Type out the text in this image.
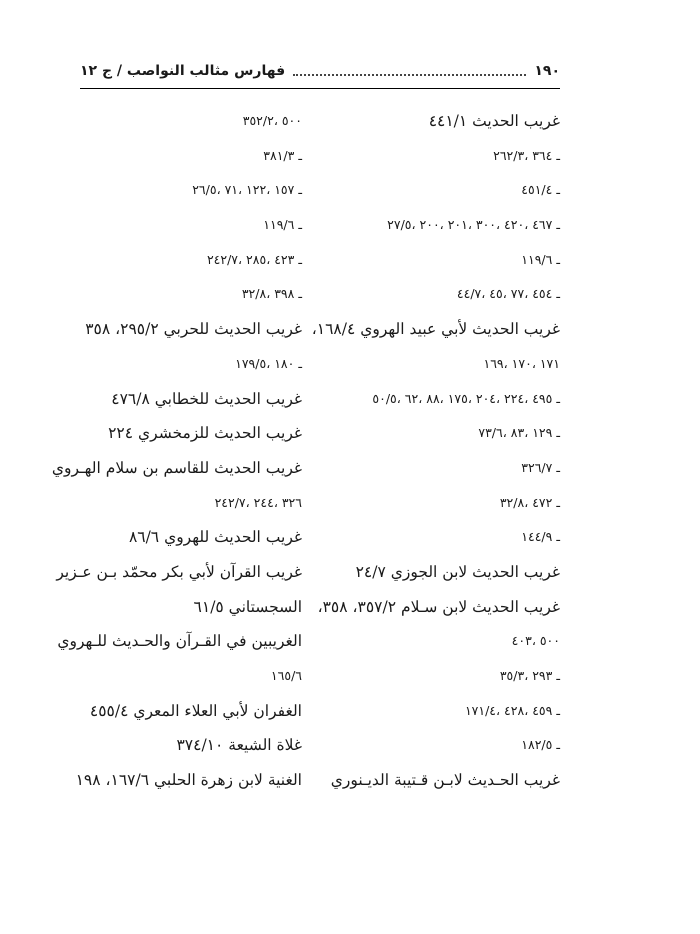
١٩٠
فهارس مثالب النواصب / ج ١٢
غريب الحديث ٤٤١/١
ـ ٣٦٤ ،٢٦٢/٣
ـ ٤٥١/٤
ـ ٤٦٧ ،٤٢٠ ،٣٠٠ ،٢٠١ ،٢٠٠ ،٢٧/٥
ـ ١١٩/٦
ـ ٤٥٤ ،٧٧ ،٤٥ ،٤٤/٧
غريب الحديث لأبي عبيد الهروي ١٦٨/٤،
١٧١ ،١٧٠ ،١٦٩
ـ ٤٩٥ ،٢٢٤ ،٢٠٤ ،١٧٥ ،٨٨ ،٦٢ ،٥٠/٥
ـ ١٢٩ ،٨٣ ،٧٣/٦
ـ ٣٢٦/٧
ـ ٤٧٢ ،٣٢/٨
ـ ١٤٤/٩
غريب الحديث لابن الجوزي ٢٤/٧
غريب الحديث لابن سـلام ٣٥٧/٢، ٣٥٨،
٥٠٠ ،٤٠٣
ـ ٢٩٣ ،٣٥/٣
ـ ٤٥٩ ،٤٢٨ ،١٧١/٤
ـ ١٨٢/٥
غريب الحـديث لابـن قـتيبة الديـنوري
٥٠٠ ،٣٥٢/٢
ـ ٣٨١/٣
ـ ١٥٧ ،١٢٢ ،٧١ ،٢٦/٥
ـ ١١٩/٦
ـ ٤٢٣ ،٢٨٥ ،٢٤٢/٧
ـ ٣٩٨ ،٣٢/٨
غريب الحديث للحربي ٢٩٥/٢، ٣٥٨
ـ ١٨٠ ،١٧٩/٥
غريب الحديث للخطابي ٤٧٦/٨
غريب الحديث للزمخشري ٢٢٤
غريب الحديث للقاسم بن سلام الهـروي
٣٢٦ ،٢٤٤ ،٢٤٢/٧
غريب الحديث للهروي ٨٦/٦
غريب القرآن لأبي بكر محمّد بـن عـزير
السجستاني ٦١/٥
الغريبين في القـرآن والحـديث للـهروي
١٦٥/٦
الغفران لأبي العلاء المعري ٤٥٥/٤
غلاة الشيعة ٣٧٤/١٠
الغنية لابن زهرة الحلبي ١٦٧/٦، ١٩٨
